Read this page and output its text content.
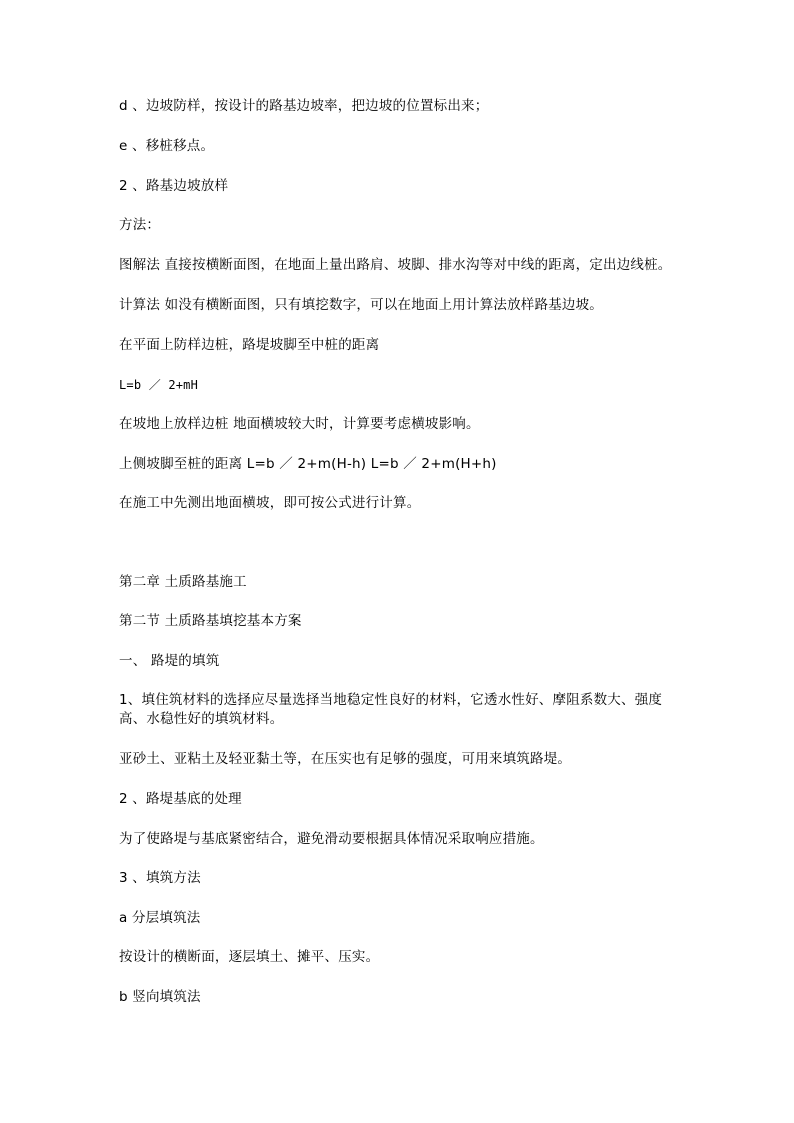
d 、边坡防样，按设计的路基边坡率，把边坡的位置标出来；
e 、移桩移点。
2 、路基边坡放样
方法：
图解法 直接按横断面图，在地面上量出路肩、坡脚、排水沟等对中线的距离，定出边线桩。
计算法 如没有横断面图，只有填挖数字，可以在地面上用计算法放样路基边坡。
在平面上防样边桩，路堤坡脚至中桩的距离
L=b ／ 2+mH
在坡地上放样边桩 地面横坡较大时，计算要考虑横坡影响。
上侧坡脚至桩的距离 L=b ／ 2+m(H-h) L=b ／ 2+m(H+h)
在施工中先测出地面横坡，即可按公式进行计算。
第二章 土质路基施工
第二节 土质路基填挖基本方案
一、 路堤的填筑
1、填住筑材料的选择应尽量选择当地稳定性良好的材料，它透水性好、摩阻系数大、强度高、水稳性好的填筑材料。
亚砂土、亚粘土及轻亚黏土等，在压实也有足够的强度，可用来填筑路堤。
2 、路堤基底的处理
为了使路堤与基底紧密结合，避免滑动要根据具体情况采取响应措施。
3 、填筑方法
a 分层填筑法
按设计的横断面，逐层填土、摊平、压实。
b 竖向填筑法
